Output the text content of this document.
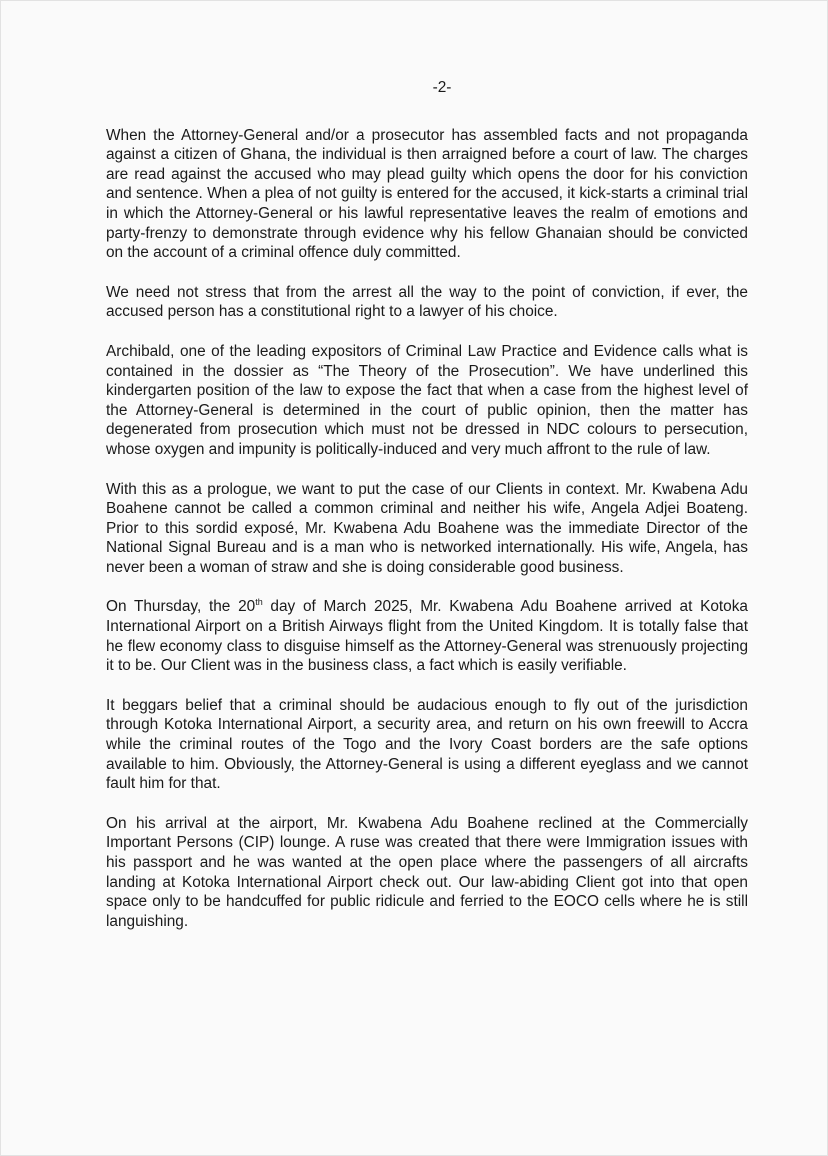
-2-

When the Attorney-General and/or a prosecutor has assembled facts and not propaganda against a citizen of Ghana, the individual is then arraigned before a court of law. The charges are read against the accused who may plead guilty which opens the door for his conviction and sentence. When a plea of not guilty is entered for the accused, it kick-starts a criminal trial in which the Attorney-General or his lawful representative leaves the realm of emotions and party-frenzy to demonstrate through evidence why his fellow Ghanaian should be convicted on the account of a criminal offence duly committed.

We need not stress that from the arrest all the way to the point of conviction, if ever, the accused person has a constitutional right to a lawyer of his choice.

Archibald, one of the leading expositors of Criminal Law Practice and Evidence calls what is contained in the dossier as “The Theory of the Prosecution”. We have underlined this kindergarten position of the law to expose the fact that when a case from the highest level of the Attorney-General is determined in the court of public opinion, then the matter has degenerated from prosecution which must not be dressed in NDC colours to persecution, whose oxygen and impunity is politically-induced and very much affront to the rule of law.

With this as a prologue, we want to put the case of our Clients in context. Mr. Kwabena Adu Boahene cannot be called a common criminal and neither his wife, Angela Adjei Boateng. Prior to this sordid exposé, Mr. Kwabena Adu Boahene was the immediate Director of the National Signal Bureau and is a man who is networked internationally. His wife, Angela, has never been a woman of straw and she is doing considerable good business.

On Thursday, the 20th day of March 2025, Mr. Kwabena Adu Boahene arrived at Kotoka International Airport on a British Airways flight from the United Kingdom. It is totally false that he flew economy class to disguise himself as the Attorney-General was strenuously projecting it to be. Our Client was in the business class, a fact which is easily verifiable.

It beggars belief that a criminal should be audacious enough to fly out of the jurisdiction through Kotoka International Airport, a security area, and return on his own freewill to Accra while the criminal routes of the Togo and the Ivory Coast borders are the safe options available to him. Obviously, the Attorney-General is using a different eyeglass and we cannot fault him for that.

On his arrival at the airport, Mr. Kwabena Adu Boahene reclined at the Commercially Important Persons (CIP) lounge. A ruse was created that there were Immigration issues with his passport and he was wanted at the open place where the passengers of all aircrafts landing at Kotoka International Airport check out. Our law-abiding Client got into that open space only to be handcuffed for public ridicule and ferried to the EOCO cells where he is still languishing.
